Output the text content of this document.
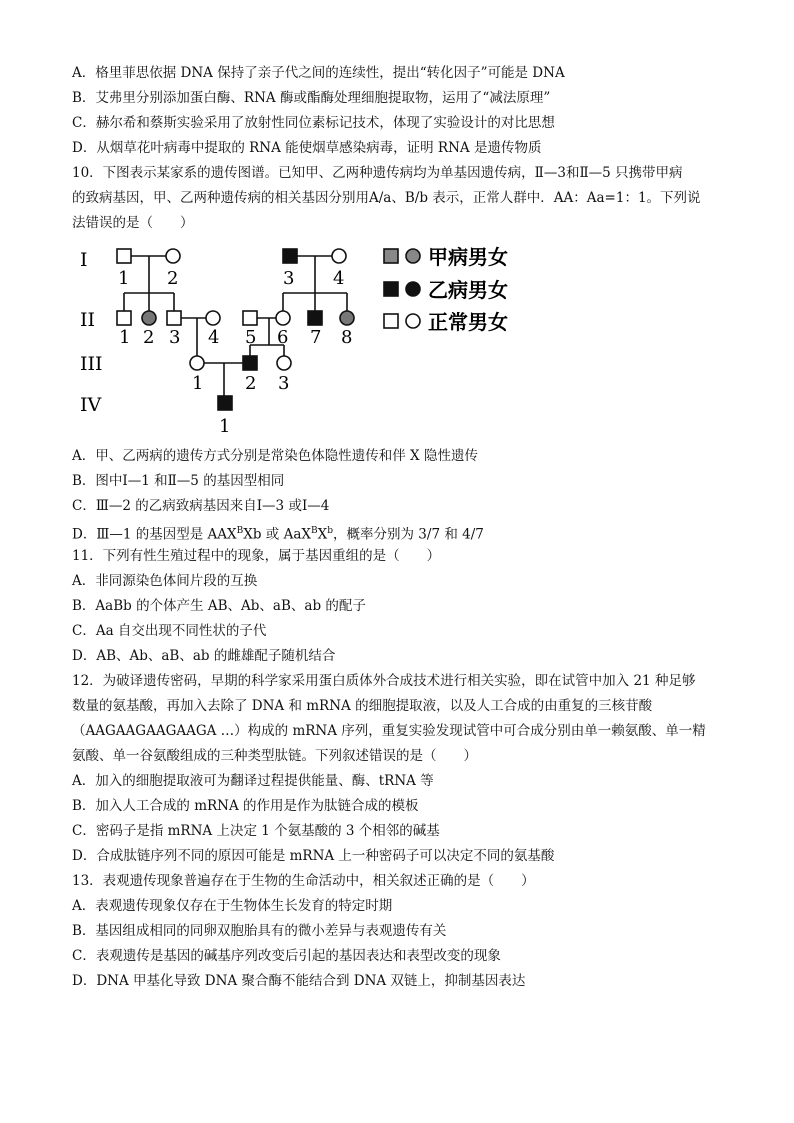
A．格里菲思依据 DNA 保持了亲子代之间的连续性，提出“转化因子”可能是 DNA
B．艾弗里分别添加蛋白酶、RNA 酶或酯酶处理细胞提取物，运用了“减法原理”
C．赫尔希和蔡斯实验采用了放射性同位素标记技术，体现了实验设计的对比思想
D．从烟草花叶病毒中提取的 RNA 能使烟草感染病毒，证明 RNA 是遗传物质
10．下图表示某家系的遗传图谱。已知甲、乙两种遗传病均为单基因遗传病，Ⅱ—3和Ⅱ—5 只携带甲病
的致病基因，甲、乙两种遗传病的相关基因分别用A/a、B/b 表示，正常人群中．AA：Aa=1：1。下列说
法错误的是（　　）
I
II
III
IV
1 2	3 4
1 2 3 4 5 6 7 8
1 2 3
1
甲病男女
乙病男女
正常男女
A．甲、乙两病的遗传方式分别是常染色体隐性遗传和伴 X 隐性遗传
B．图中Ⅰ—1 和Ⅱ—5 的基因型相同
C．Ⅲ—2 的乙病致病基因来自Ⅰ—3 或Ⅰ—4
D．Ⅲ—1 的基因型是 $AAX^BXb$ 或 $AaX^BX^b$，概率分别为 3/7 和 4/7
11．下列有性生殖过程中的现象，属于基因重组的是（　　）
A．非同源染色体间片段的互换
B．AaBb 的个体产生 AB、Ab、aB、ab 的配子
C．Aa 自交出现不同性状的子代
D．AB、Ab、aB、ab 的雌雄配子随机结合
12．为破译遗传密码，早期的科学家采用蛋白质体外合成技术进行相关实验，即在试管中加入 21 种足够
数量的氨基酸，再加入去除了 DNA 和 mRNA 的细胞提取液，以及人工合成的由重复的三核苷酸
（AAGAAGAAGAAGA …）构成的 mRNA 序列，重复实验发现试管中可合成分别由单一赖氨酸、单一精
氨酸、单一谷氨酸组成的三种类型肽链。下列叙述错误的是（　　）
A．加入的细胞提取液可为翻译过程提供能量、酶、tRNA 等
B．加入人工合成的 mRNA 的作用是作为肽链合成的模板
C．密码子是指 mRNA 上决定 1 个氨基酸的 3 个相邻的碱基
D．合成肽链序列不同的原因可能是 mRNA 上一种密码子可以决定不同的氨基酸
13．表观遗传现象普遍存在于生物的生命活动中，相关叙述正确的是（　　）
A．表观遗传现象仅存在于生物体生长发育的特定时期
B．基因组成相同的同卵双胞胎具有的微小差异与表观遗传有关
C．表观遗传是基因的碱基序列改变后引起的基因表达和表型改变的现象
D．DNA 甲基化导致 DNA 聚合酶不能结合到 DNA 双链上，抑制基因表达
